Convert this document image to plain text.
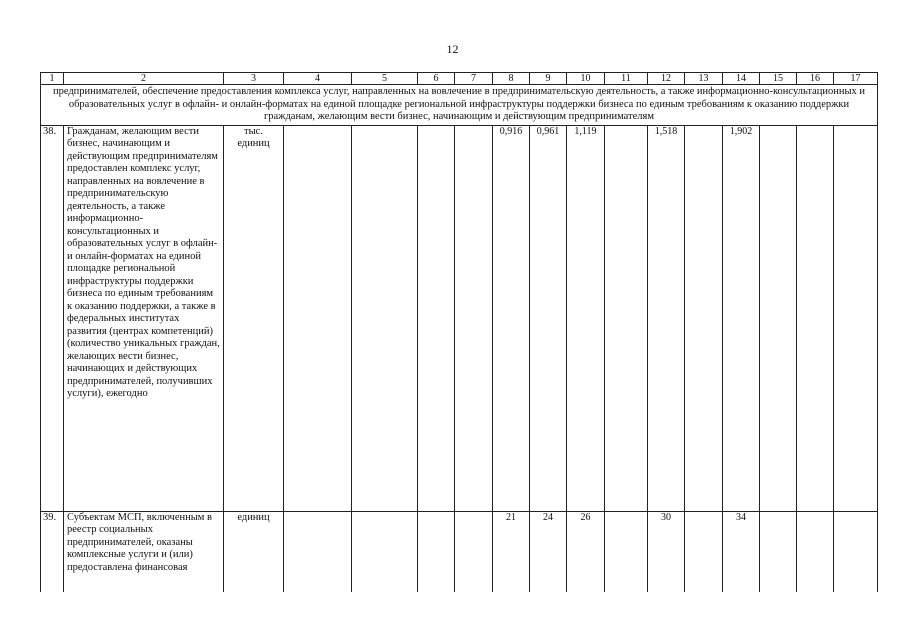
12
1	2	3	4	5	6	7	8	9	10	11	12	13	14	15	16	17
предпринимателей, обеспечение предоставления комплекса услуг, направленных на вовлечение в предпринимательскую деятельность, а также информационно-консультационных и образовательных услуг в офлайн- и онлайн-форматах на единой площадке региональной инфраструктуры поддержки бизнеса по единым требованиям к оказанию поддержки гражданам, желающим вести бизнес, начинающим и действующим предпринимателям																
38.	Гражданам, желающим вести бизнес, начинающим и действующим предпринимателям предоставлен комплекс услуг, направленных на вовлечение в предпринимательскую деятельность, а также информационно-консультационных и образовательных услуг в офлайн- и онлайн-форматах на единой площадке региональной инфраструктуры поддержки бизнеса по единым требованиям к оказанию поддержки, а также в федеральных институтах развития (центрах компетенций) (количество уникальных граждан, желающих вести бизнес, начинающих и действующих предпринимателей, получивших услуги), ежегодно	тыс. единиц					0,916	0,961	1,119		1,518		1,902			
39.	Субъектам МСП, включенным в реестр социальных предпринимателей, оказаны комплексные услуги и (или) предоставлена финансовая	единиц					21	24	26		30		34			
